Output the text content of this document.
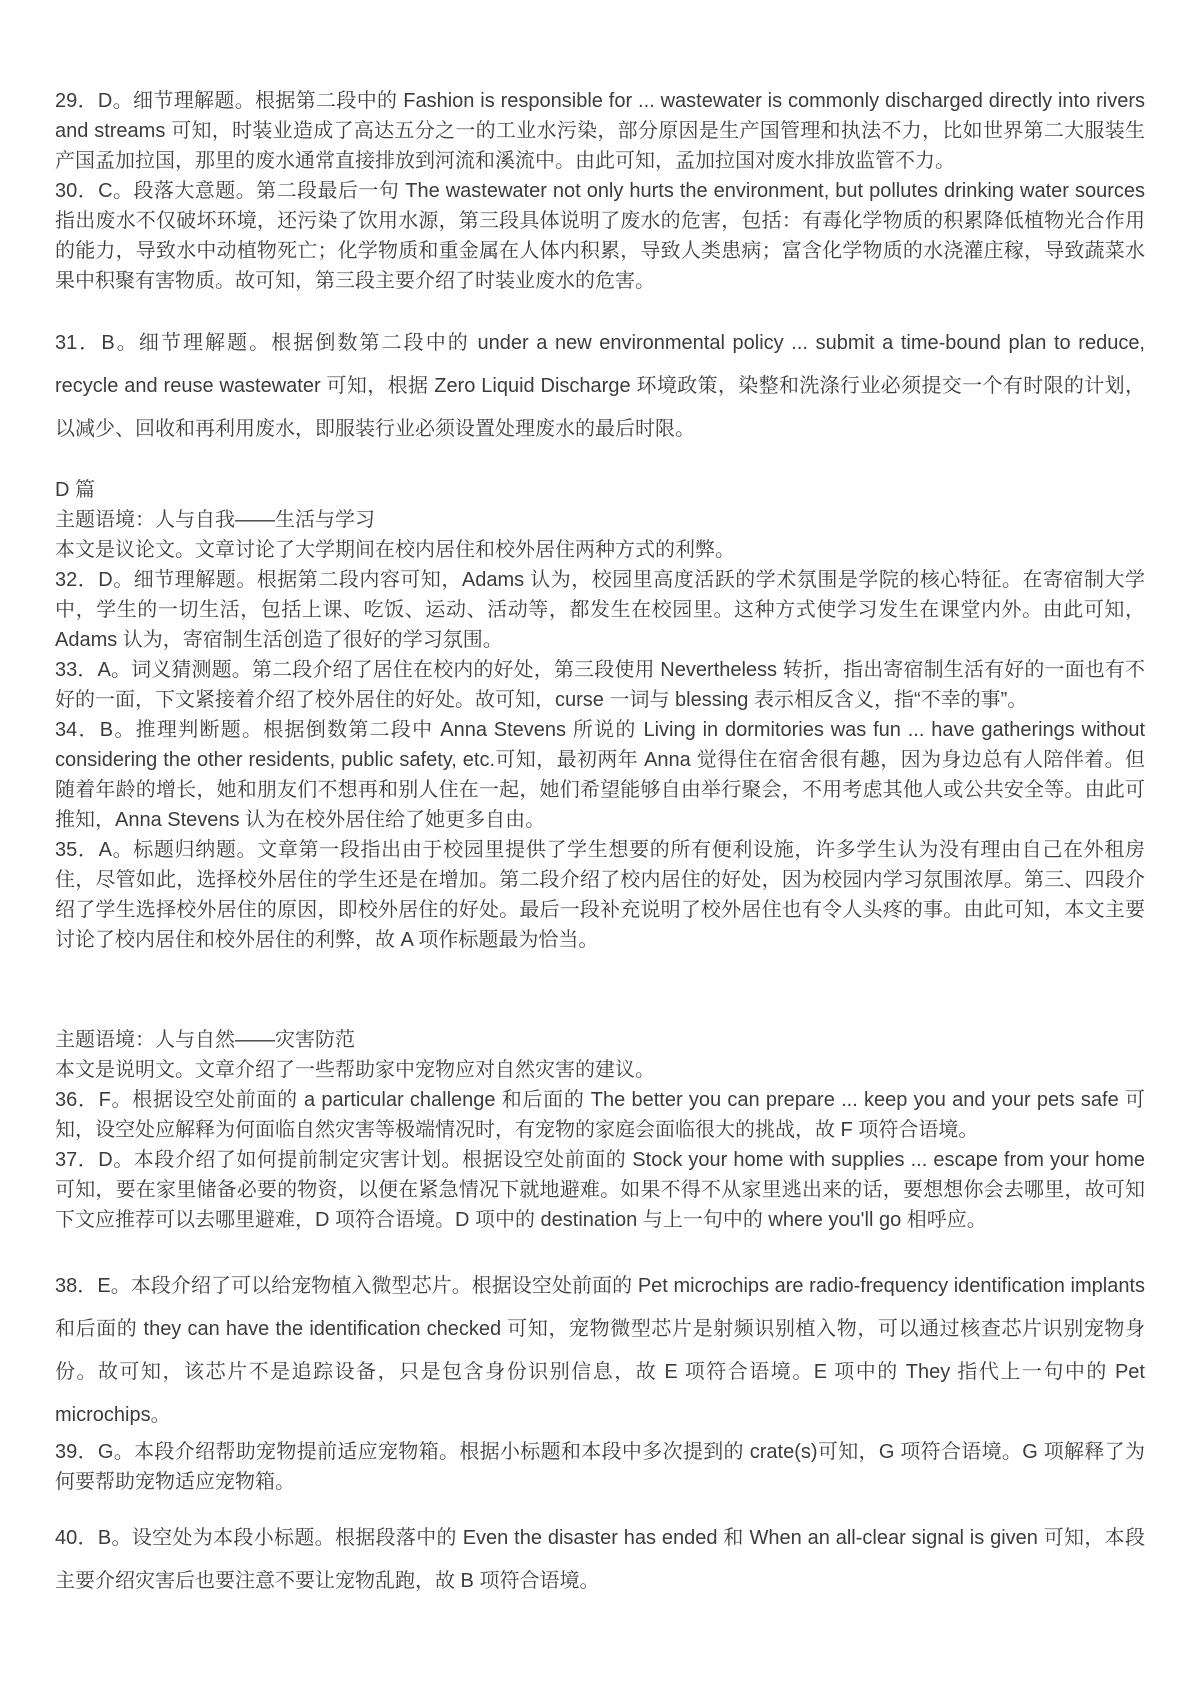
29．D。细节理解题。根据第二段中的 Fashion is responsible for ... wastewater is commonly discharged directly into rivers and streams 可知，时装业造成了高达五分之一的工业水污染，部分原因是生产国管理和执法不力，比如世界第二大服装生产国孟加拉国，那里的废水通常直接排放到河流和溪流中。由此可知，孟加拉国对废水排放监管不力。

30．C。段落大意题。第二段最后一句 The wastewater not only hurts the environment, but pollutes drinking water sources 指出废水不仅破坏环境，还污染了饮用水源，第三段具体说明了废水的危害，包括：有毒化学物质的积累降低植物光合作用的能力，导致水中动植物死亡；化学物质和重金属在人体内积累，导致人类患病；富含化学物质的水浇灌庄稼，导致蔬菜水果中积聚有害物质。故可知，第三段主要介绍了时装业废水的危害。

31．B。细节理解题。根据倒数第二段中的 under a new environmental policy ... submit a time-bound plan to reduce, recycle and reuse wastewater 可知，根据 Zero Liquid Discharge 环境政策，染整和洗涤行业必须提交一个有时限的计划，以减少、回收和再利用废水，即服装行业必须设置处理废水的最后时限。

D 篇

主题语境：人与自我——生活与学习

本文是议论文。文章讨论了大学期间在校内居住和校外居住两种方式的利弊。

32．D。细节理解题。根据第二段内容可知，Adams 认为，校园里高度活跃的学术氛围是学院的核心特征。在寄宿制大学中，学生的一切生活，包括上课、吃饭、运动、活动等，都发生在校园里。这种方式使学习发生在课堂内外。由此可知，Adams 认为，寄宿制生活创造了很好的学习氛围。

33．A。词义猜测题。第二段介绍了居住在校内的好处，第三段使用 Nevertheless 转折，指出寄宿制生活有好的一面也有不好的一面，下文紧接着介绍了校外居住的好处。故可知，curse 一词与 blessing 表示相反含义，指“不幸的事”。

34．B。推理判断题。根据倒数第二段中 Anna Stevens 所说的 Living in dormitories was fun ... have gatherings without considering the other residents, public safety, etc.可知，最初两年 Anna 觉得住在宿舍很有趣，因为身边总有人陪伴着。但随着年龄的增长，她和朋友们不想再和别人住在一起，她们希望能够自由举行聚会，不用考虑其他人或公共安全等。由此可推知，Anna Stevens 认为在校外居住给了她更多自由。

35．A。标题归纳题。文章第一段指出由于校园里提供了学生想要的所有便利设施，许多学生认为没有理由自己在外租房住，尽管如此，选择校外居住的学生还是在增加。第二段介绍了校内居住的好处，因为校园内学习氛围浓厚。第三、四段介绍了学生选择校外居住的原因，即校外居住的好处。最后一段补充说明了校外居住也有令人头疼的事。由此可知，本文主要讨论了校内居住和校外居住的利弊，故 A 项作标题最为恰当。

主题语境：人与自然——灾害防范

本文是说明文。文章介绍了一些帮助家中宠物应对自然灾害的建议。

36．F。根据设空处前面的 a particular challenge 和后面的 The better you can prepare ... keep you and your pets safe 可知，设空处应解释为何面临自然灾害等极端情况时，有宠物的家庭会面临很大的挑战，故 F 项符合语境。

37．D。本段介绍了如何提前制定灾害计划。根据设空处前面的 Stock your home with supplies ... escape from your home 可知，要在家里储备必要的物资，以便在紧急情况下就地避难。如果不得不从家里逃出来的话，要想想你会去哪里，故可知下文应推荐可以去哪里避难，D 项符合语境。D 项中的 destination 与上一句中的 where you'll go 相呼应。

38．E。本段介绍了可以给宠物植入微型芯片。根据设空处前面的 Pet microchips are radio-frequency identification implants 和后面的 they can have the identification checked 可知，宠物微型芯片是射频识别植入物，可以通过核查芯片识别宠物身份。故可知，该芯片不是追踪设备，只是包含身份识别信息，故 E 项符合语境。E 项中的 They 指代上一句中的 Pet microchips。

39．G。本段介绍帮助宠物提前适应宠物箱。根据小标题和本段中多次提到的 crate(s)可知，G 项符合语境。G 项解释了为何要帮助宠物适应宠物箱。

40．B。设空处为本段小标题。根据段落中的 Even the disaster has ended 和 When an all-clear signal is given 可知，本段主要介绍灾害后也要注意不要让宠物乱跑，故 B 项符合语境。
